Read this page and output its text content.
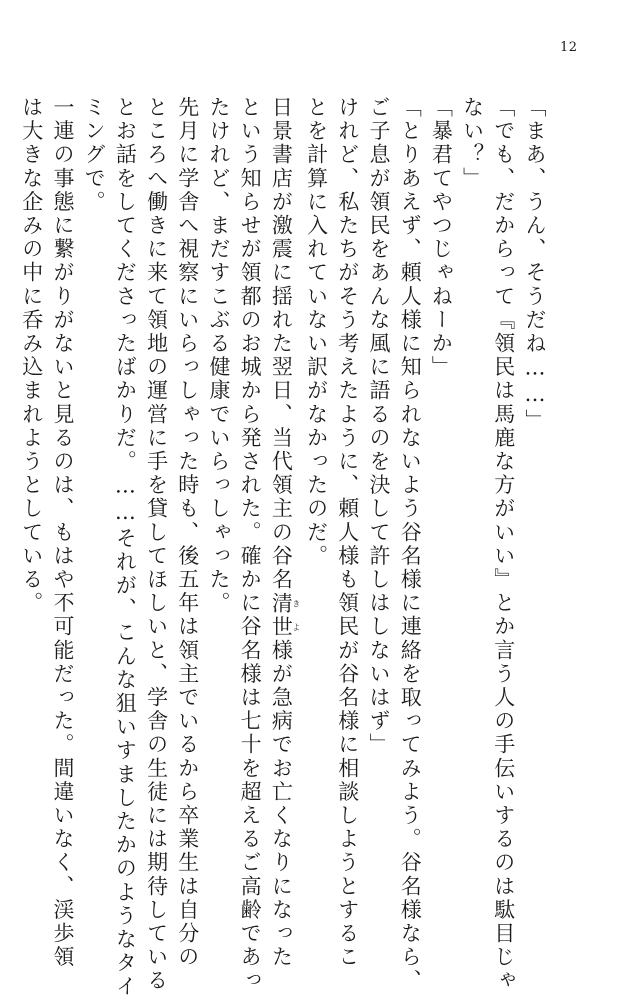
12
「まあ、うん、そうだね……」
「でも、だからって『領民は馬鹿な方がいい』とか言う人の手伝いするのは駄目じゃ
ない？」
「暴君てやつじゃねーか」
「とりあえず、頼人様に知られないよう谷名様に連絡を取ってみよう。谷名様なら、
ご子息が領民をあんな風に語るのを決して許しはしないはず」
けれど、私たちがそう考えたように、頼人様も領民が谷名様に相談しようとするこ
とを計算に入れていない訳がなかったのだ。
日景書店が激震に揺れた翌日、当代領主の谷名清世きよ様が急病でお亡くなりになった
という知らせが領都のお城から発された。確かに谷名様は七十を超えるご高齢であっ
たけれど、まだすこぶる健康でいらっしゃった。
先月に学舎へ視察にいらっしゃった時も、後五年は領主でいるから卒業生は自分の
ところへ働きに来て領地の運営に手を貸してほしいと、学舎の生徒には期待している
とお話をしてくださったばかりだ。……それが、こんな狙いすましたかのようなタイ
ミングで。
一連の事態に繋がりがないと見るのは、もはや不可能だった。間違いなく、渓歩領
は大きな企みの中に呑み込まれようとしている。
